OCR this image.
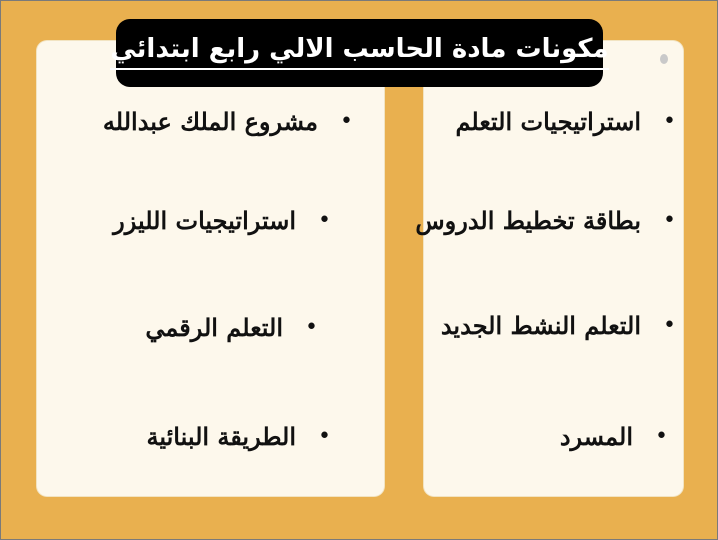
مكونات مادة الحاسب الالي رابع ابتدائي
•
استراتيجيات التعلم
•
بطاقة تخطيط الدروس
•
التعلم النشط الجديد
•
المسرد
•
مشروع الملك عبدالله
•
استراتيجيات الليزر
•
التعلم الرقمي
•
الطريقة البنائية
